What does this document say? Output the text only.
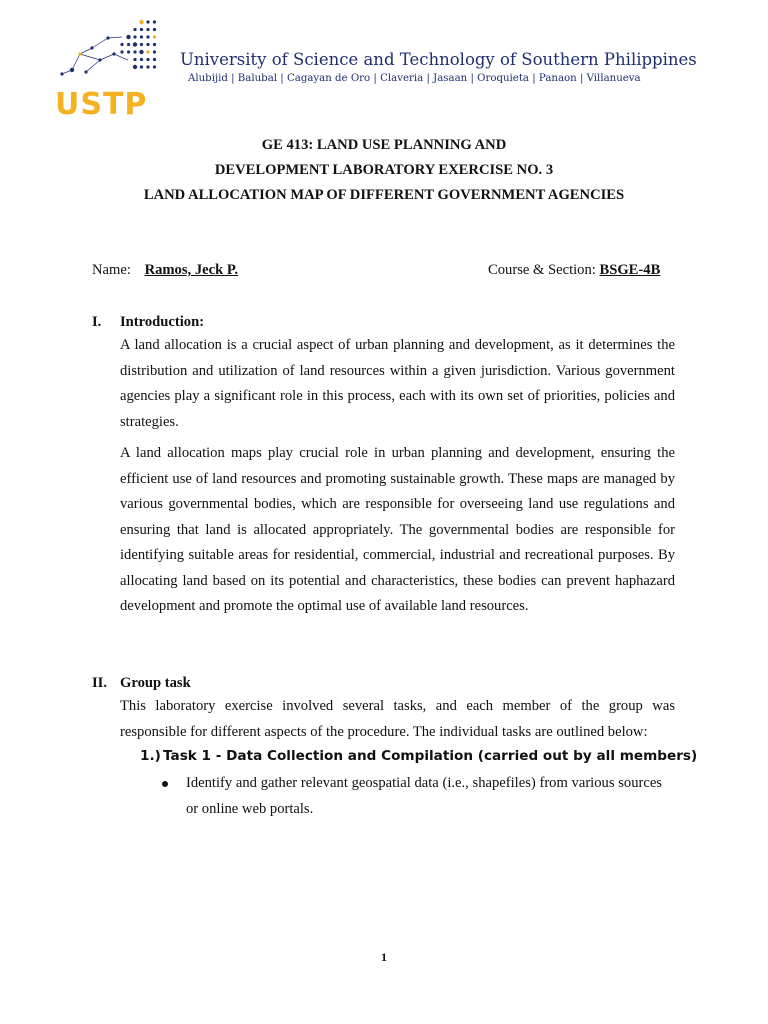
USTP
University of Science and Technology of Southern Philippines
Alubijid | Balubal | Cagayan de Oro | Claveria | Jasaan | Oroquieta | Panaon | Villanueva
GE 413: LAND USE PLANNING AND
DEVELOPMENT LABORATORY EXERCISE NO. 3
LAND ALLOCATION MAP OF DIFFERENT GOVERNMENT AGENCIES
Name: Ramos, Jeck P.	Course & Section: BSGE-4B
I. Introduction:

A land allocation is a crucial aspect of urban planning and development, as it determines the distribution and utilization of land resources within a given jurisdiction. Various government agencies play a significant role in this process, each with its own set of priorities, policies and strategies.

A land allocation maps play crucial role in urban planning and development, ensuring the efficient use of land resources and promoting sustainable growth. These maps are managed by various governmental bodies, which are responsible for overseeing land use regulations and ensuring that land is allocated appropriately. The governmental bodies are responsible for identifying suitable areas for residential, commercial, industrial and recreational purposes. By allocating land based on its potential and characteristics, these bodies can prevent haphazard development and promote the optimal use of available land resources.

II. Group task

This laboratory exercise involved several tasks, and each member of the group was responsible for different aspects of the procedure. The individual tasks are outlined below:

1.) Task 1 - Data Collection and Compilation (carried out by all members)

Identify and gather relevant geospatial data (i.e., shapefiles) from various sources or online web portals.

1
